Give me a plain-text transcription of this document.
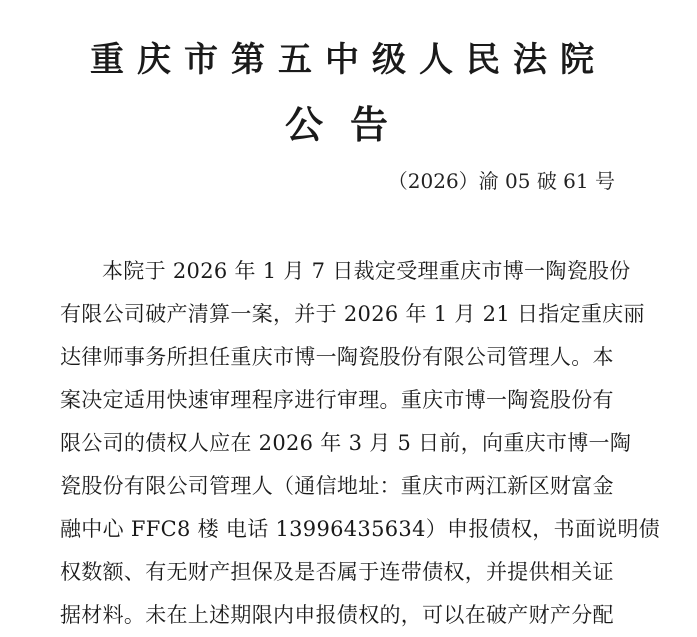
重庆市第五中级人民法院
公告
（2026）渝 05 破 61 号
本院于 2026 年 1 月 7 日裁定受理重庆市博一陶瓷股份
有限公司破产清算一案，并于 2026 年 1 月 21 日指定重庆丽
达律师事务所担任重庆市博一陶瓷股份有限公司管理人。本
案决定适用快速审理程序进行审理。重庆市博一陶瓷股份有
限公司的债权人应在 2026 年 3 月 5 日前，向重庆市博一陶
瓷股份有限公司管理人（通信地址：重庆市两江新区财富金
融中心 FFC8 楼 电话 13996435634）申报债权，书面说明债
权数额、有无财产担保及是否属于连带债权，并提供相关证
据材料。未在上述期限内申报债权的，可以在破产财产分配
